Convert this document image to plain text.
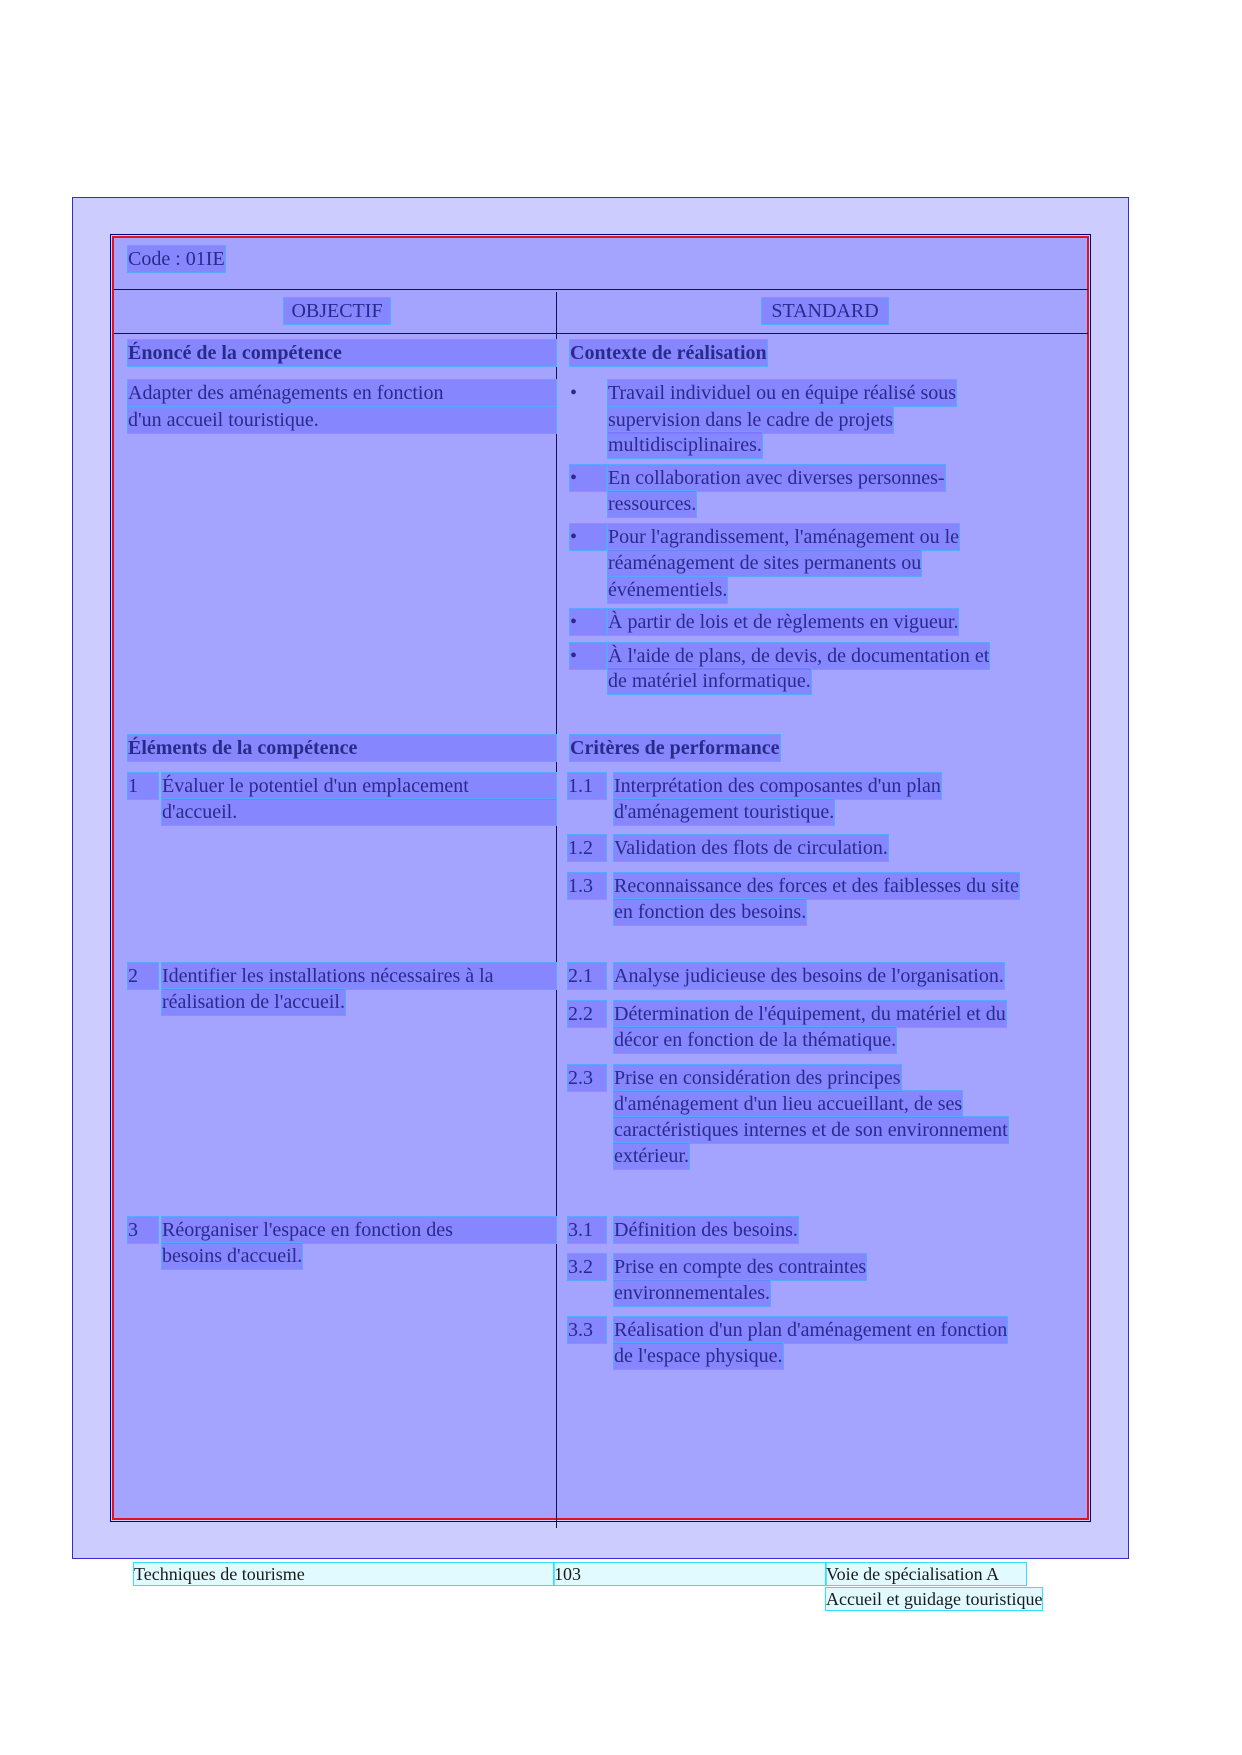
Code : 01IE
OBJECTIF	STANDARD
Énoncé de la compétence	Contexte de réalisation
Adapter des aménagements en fonction
d'un accueil touristique.
• Travail individuel ou en équipe réalisé sous
supervision dans le cadre de projets
multidisciplinaires.
•	En collaboration avec diverses personnes-
ressources.
•	Pour l'agrandissement, l'aménagement ou le
réaménagement de sites permanents ou
événementiels.
•	À partir de lois et de règlements en vigueur.
•	À l'aide de plans, de devis, de documentation et
de matériel informatique.
Éléments de la compétence	Critères de performance
1	Évaluer le potentiel d'un emplacement
d'accueil.
1.1	Interprétation des composantes d'un plan
d'aménagement touristique.
1.2	Validation des flots de circulation.
1.3	Reconnaissance des forces et des faiblesses du site
en fonction des besoins.
2	Identifier les installations nécessaires à la
réalisation de l'accueil.
2.1	Analyse judicieuse des besoins de l'organisation.
2.2	Détermination de l'équipement, du matériel et du
décor en fonction de la thématique.
2.3	Prise en considération des principes
d'aménagement d'un lieu accueillant, de ses
caractéristiques internes et de son environnement
extérieur.
3	Réorganiser l'espace en fonction des
besoins d'accueil.
3.1	Définition des besoins.
3.2	Prise en compte des contraintes
environnementales.
3.3	Réalisation d'un plan d'aménagement en fonction
de l'espace physique.
Techniques de tourisme	103	Voie de spécialisation A
Accueil et guidage touristique
